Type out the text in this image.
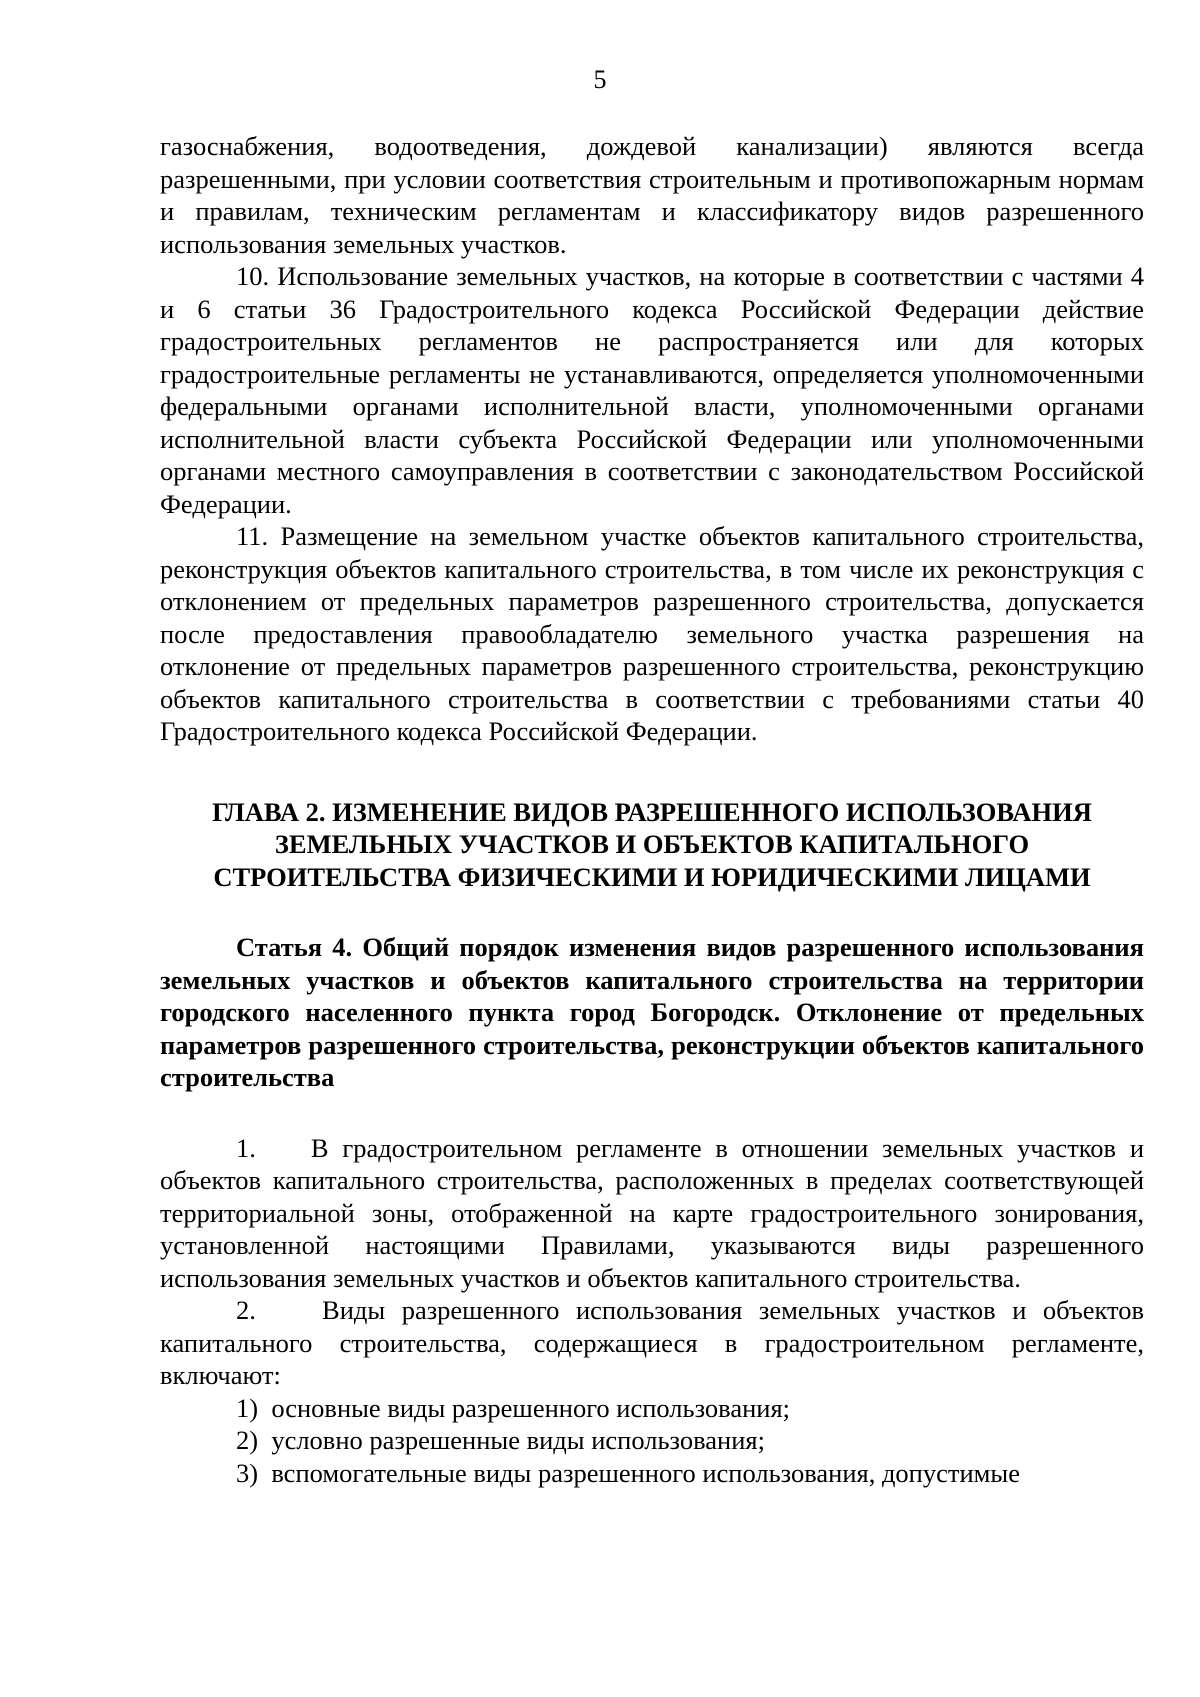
5

газоснабжения, водоотведения, дождевой канализации) являются всегда разрешенными, при условии соответствия строительным и противопожарным нормам и правилам, техническим регламентам и классификатору видов разрешенного использования земельных участков.

10. Использование земельных участков, на которые в соответствии с частями 4 и 6 статьи 36 Градостроительного кодекса Российской Федерации действие градостроительных регламентов не распространяется или для которых градостроительные регламенты не устанавливаются, определяется уполномоченными федеральными органами исполнительной власти, уполномоченными органами исполнительной власти субъекта Российской Федерации или уполномоченными органами местного самоуправления в соответствии с законодательством Российской Федерации.

11. Размещение на земельном участке объектов капитального строительства, реконструкция объектов капитального строительства, в том числе их реконструкция с отклонением от предельных параметров разрешенного строительства, допускается после предоставления правообладателю земельного участка разрешения на отклонение от предельных параметров разрешенного строительства, реконструкцию объектов капитального строительства в соответствии с требованиями статьи 40 Градостроительного кодекса Российской Федерации.

ГЛАВА 2. ИЗМЕНЕНИЕ ВИДОВ РАЗРЕШЕННОГО ИСПОЛЬЗОВАНИЯ
ЗЕМЕЛЬНЫХ УЧАСТКОВ И ОБЪЕКТОВ КАПИТАЛЬНОГО
СТРОИТЕЛЬСТВА ФИЗИЧЕСКИМИ И ЮРИДИЧЕСКИМИ ЛИЦАМИ

Статья 4. Общий порядок изменения видов разрешенного использования земельных участков и объектов капитального строительства на территории городского населенного пункта город Богородск. Отклонение от предельных параметров разрешенного строительства, реконструкции объектов капитального строительства

1.    В градостроительном регламенте в отношении земельных участков и объектов капитального строительства, расположенных в пределах соответствующей территориальной зоны, отображенной на карте градостроительного зонирования, установленной настоящими Правилами, указываются виды разрешенного использования земельных участков и объектов капитального строительства.

2.    Виды разрешенного использования земельных участков и объектов капитального строительства, содержащиеся в градостроительном регламенте, включают:

1)  основные виды разрешенного использования;

2)  условно разрешенные виды использования;

3)  вспомогательные виды разрешенного использования, допустимые
